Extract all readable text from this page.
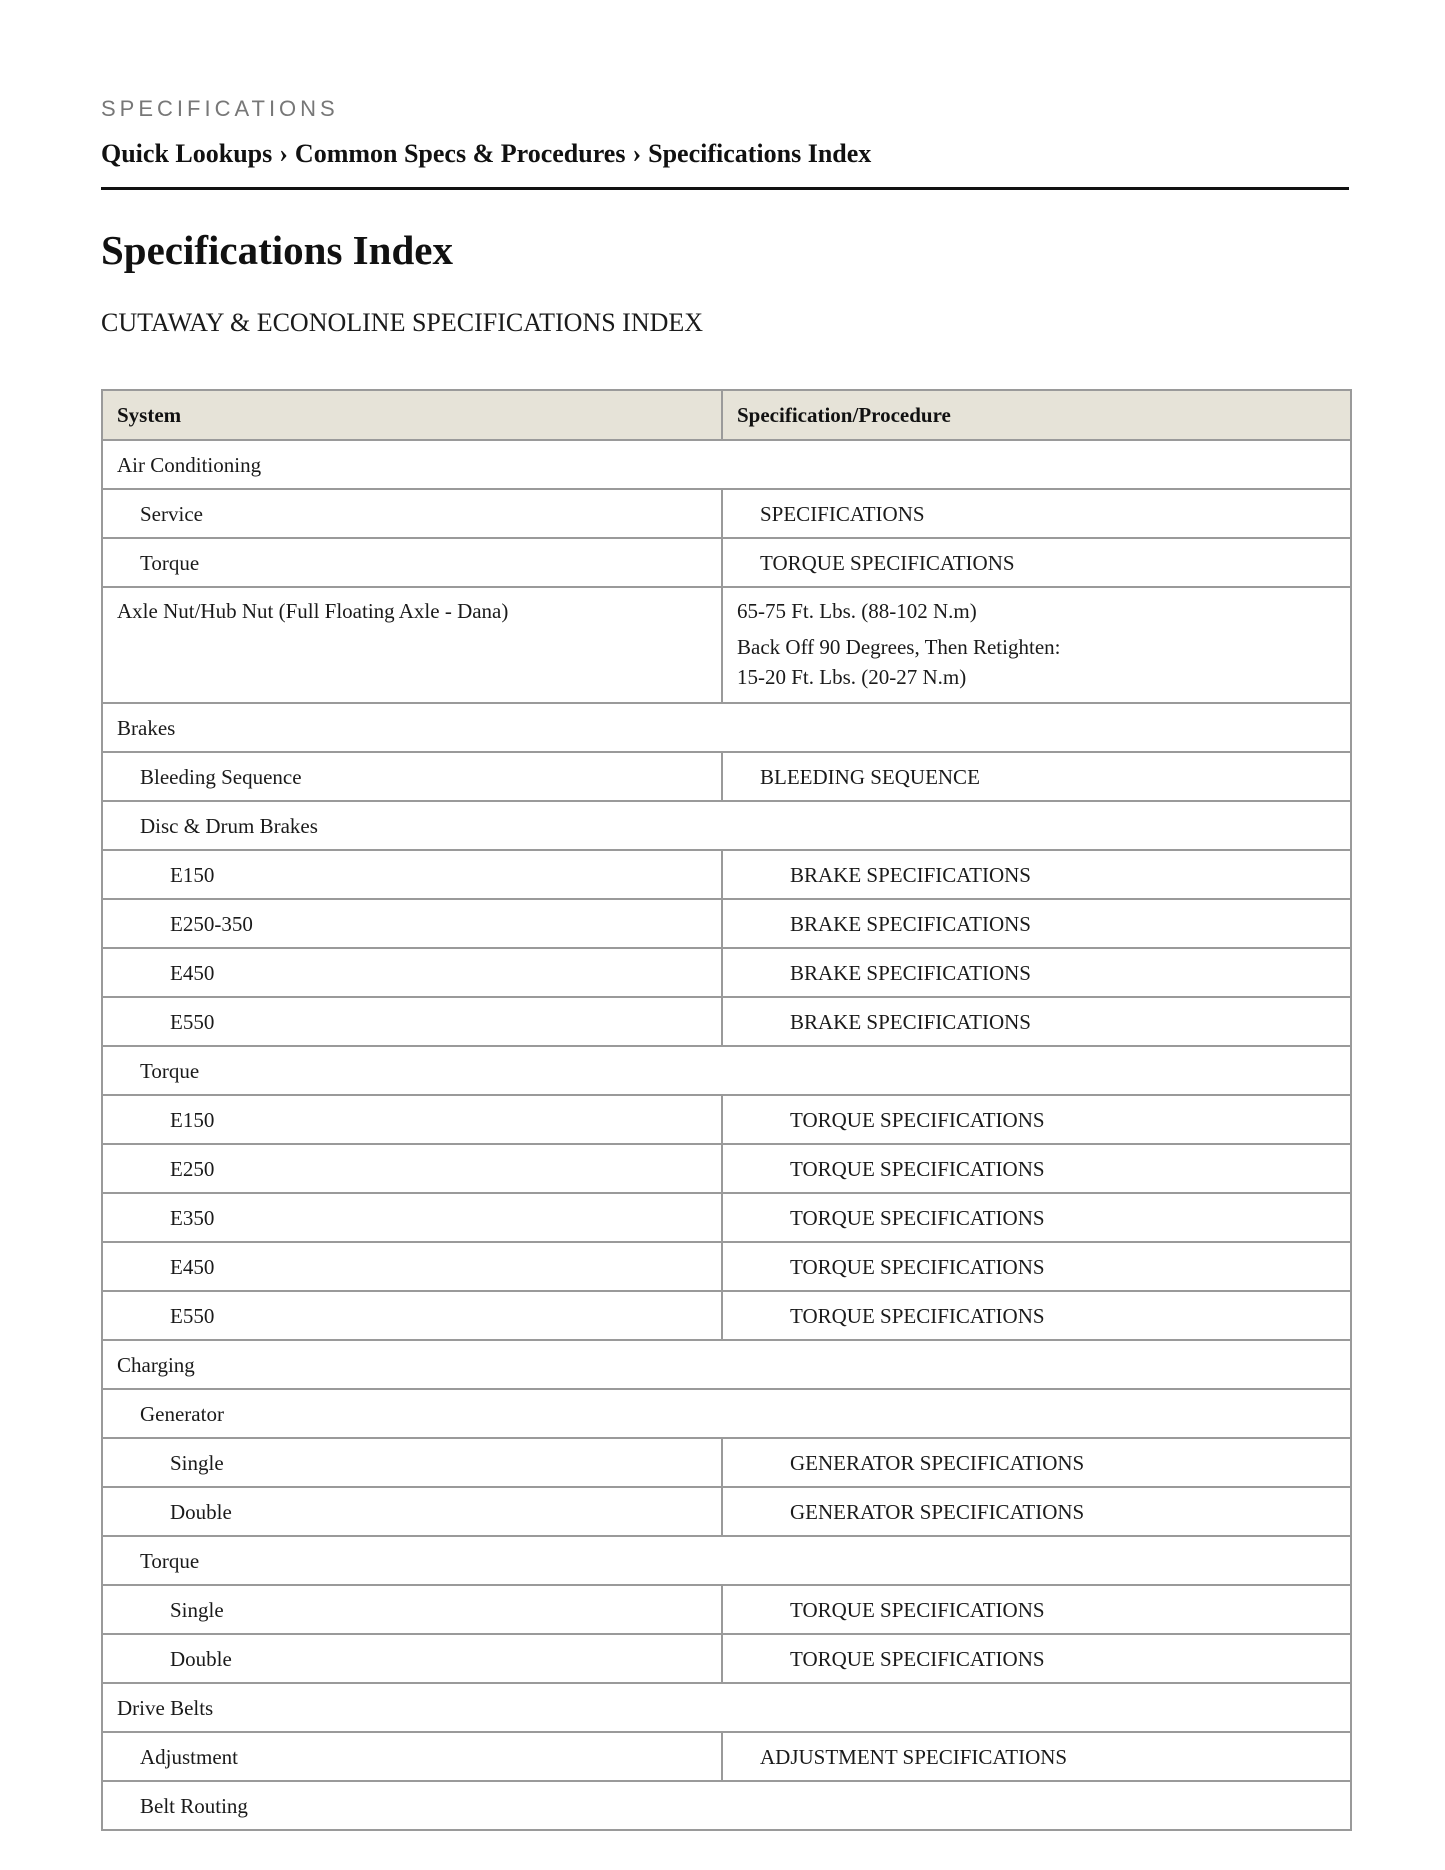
SPECIFICATIONS
Quick Lookups › Common Specs & Procedures › Specifications Index
Specifications Index
CUTAWAY & ECONOLINE SPECIFICATIONS INDEX
System	Specification/Procedure

Air Conditioning	

Service	SPECIFICATIONS

Torque	TORQUE SPECIFICATIONS

Axle Nut/Hub Nut (Full Floating Axle - Dana)	65-75 Ft. Lbs. (88-102 N.m)
Back Off 90 Degrees, Then Retighten:
15-20 Ft. Lbs. (20-27 N.m)

Brakes	

Bleeding Sequence	BLEEDING SEQUENCE

Disc & Drum Brakes	

E150	BRAKE SPECIFICATIONS

E250-350	BRAKE SPECIFICATIONS

E450	BRAKE SPECIFICATIONS

E550	BRAKE SPECIFICATIONS

Torque	

E150	TORQUE SPECIFICATIONS

E250	TORQUE SPECIFICATIONS

E350	TORQUE SPECIFICATIONS

E450	TORQUE SPECIFICATIONS

E550	TORQUE SPECIFICATIONS

Charging	

Generator	

Single	GENERATOR SPECIFICATIONS

Double	GENERATOR SPECIFICATIONS

Torque	

Single	TORQUE SPECIFICATIONS

Double	TORQUE SPECIFICATIONS

Drive Belts	

Adjustment	ADJUSTMENT SPECIFICATIONS

Belt Routing	
